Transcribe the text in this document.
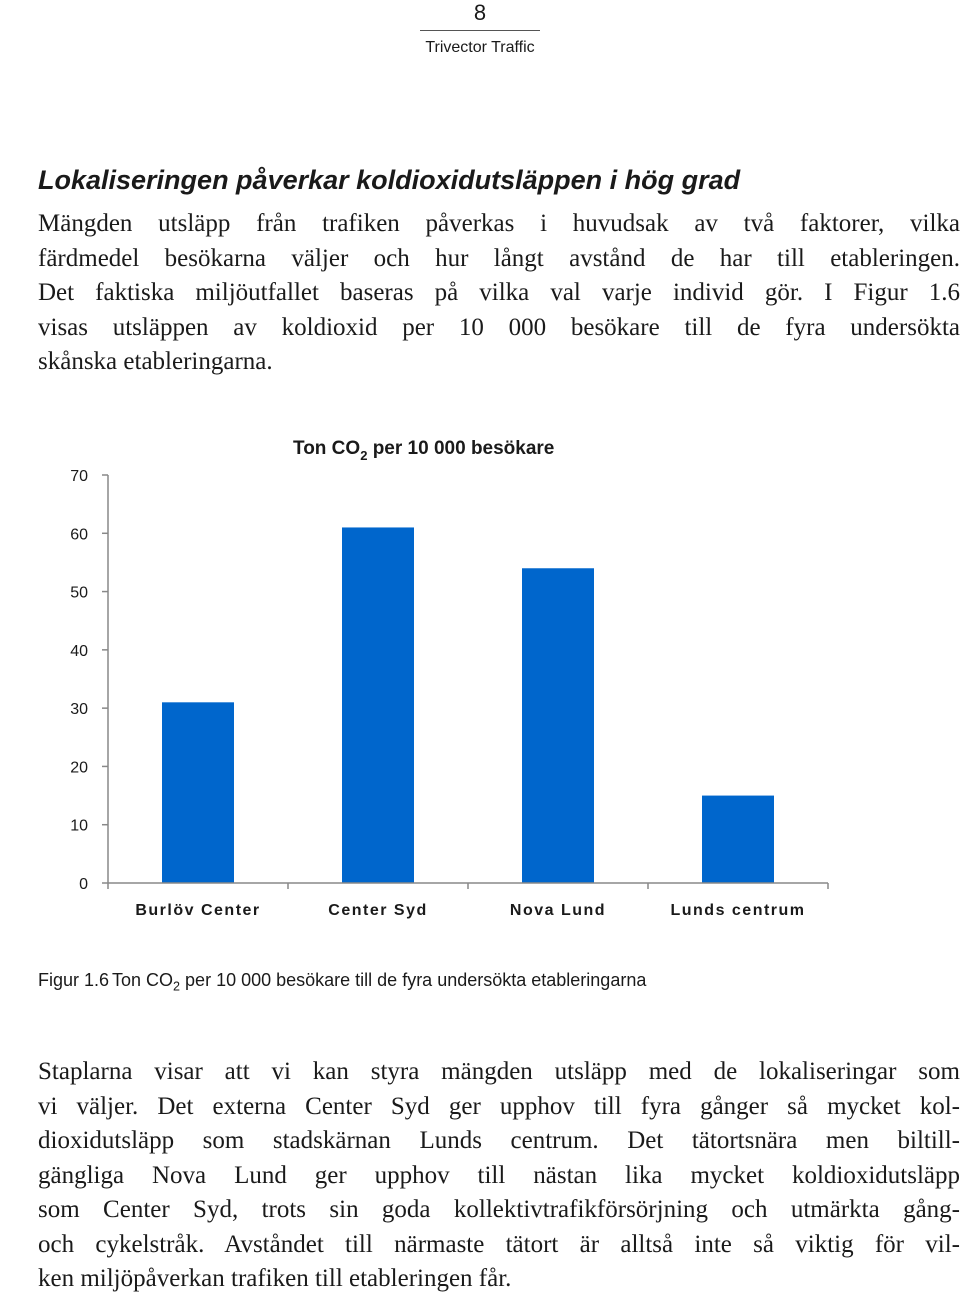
8
Trivector Traffic
Lokaliseringen påverkar koldioxidutsläppen i hög grad

Mängden utsläpp från trafiken påverkas i huvudsak av två faktorer, vilka
färdmedel besökarna väljer och hur långt avstånd de har till etableringen.
Det faktiska miljöutfallet baseras på vilka val varje individ gör. I Figur 1.6
visas utsläppen av koldioxid per 10 000 besökare till de fyra undersökta
skånska etableringarna.

Ton $CO_2$ per 10 000 besökare
0
10
20
30
40
50
60
70
Burlöv Center	Center Syd	Nova Lund	Lunds centrum
Figur 1.6 Ton $CO_2$ per 10 000 besökare till de fyra undersökta etableringarna

Staplarna visar att vi kan styra mängden utsläpp med de lokaliseringar som
vi väljer. Det externa Center Syd ger upphov till fyra gånger så mycket kol-
dioxidutsläpp som stadskärnan Lunds centrum. Det tätortsnära men biltill-
gängliga Nova Lund ger upphov till nästan lika mycket koldioxidutsläpp
som Center Syd, trots sin goda kollektivtrafikförsörjning och utmärkta gång-
och cykelstråk. Avståndet till närmaste tätort är alltså inte så viktig för vil-
ken miljöpåverkan trafiken till etableringen får.
